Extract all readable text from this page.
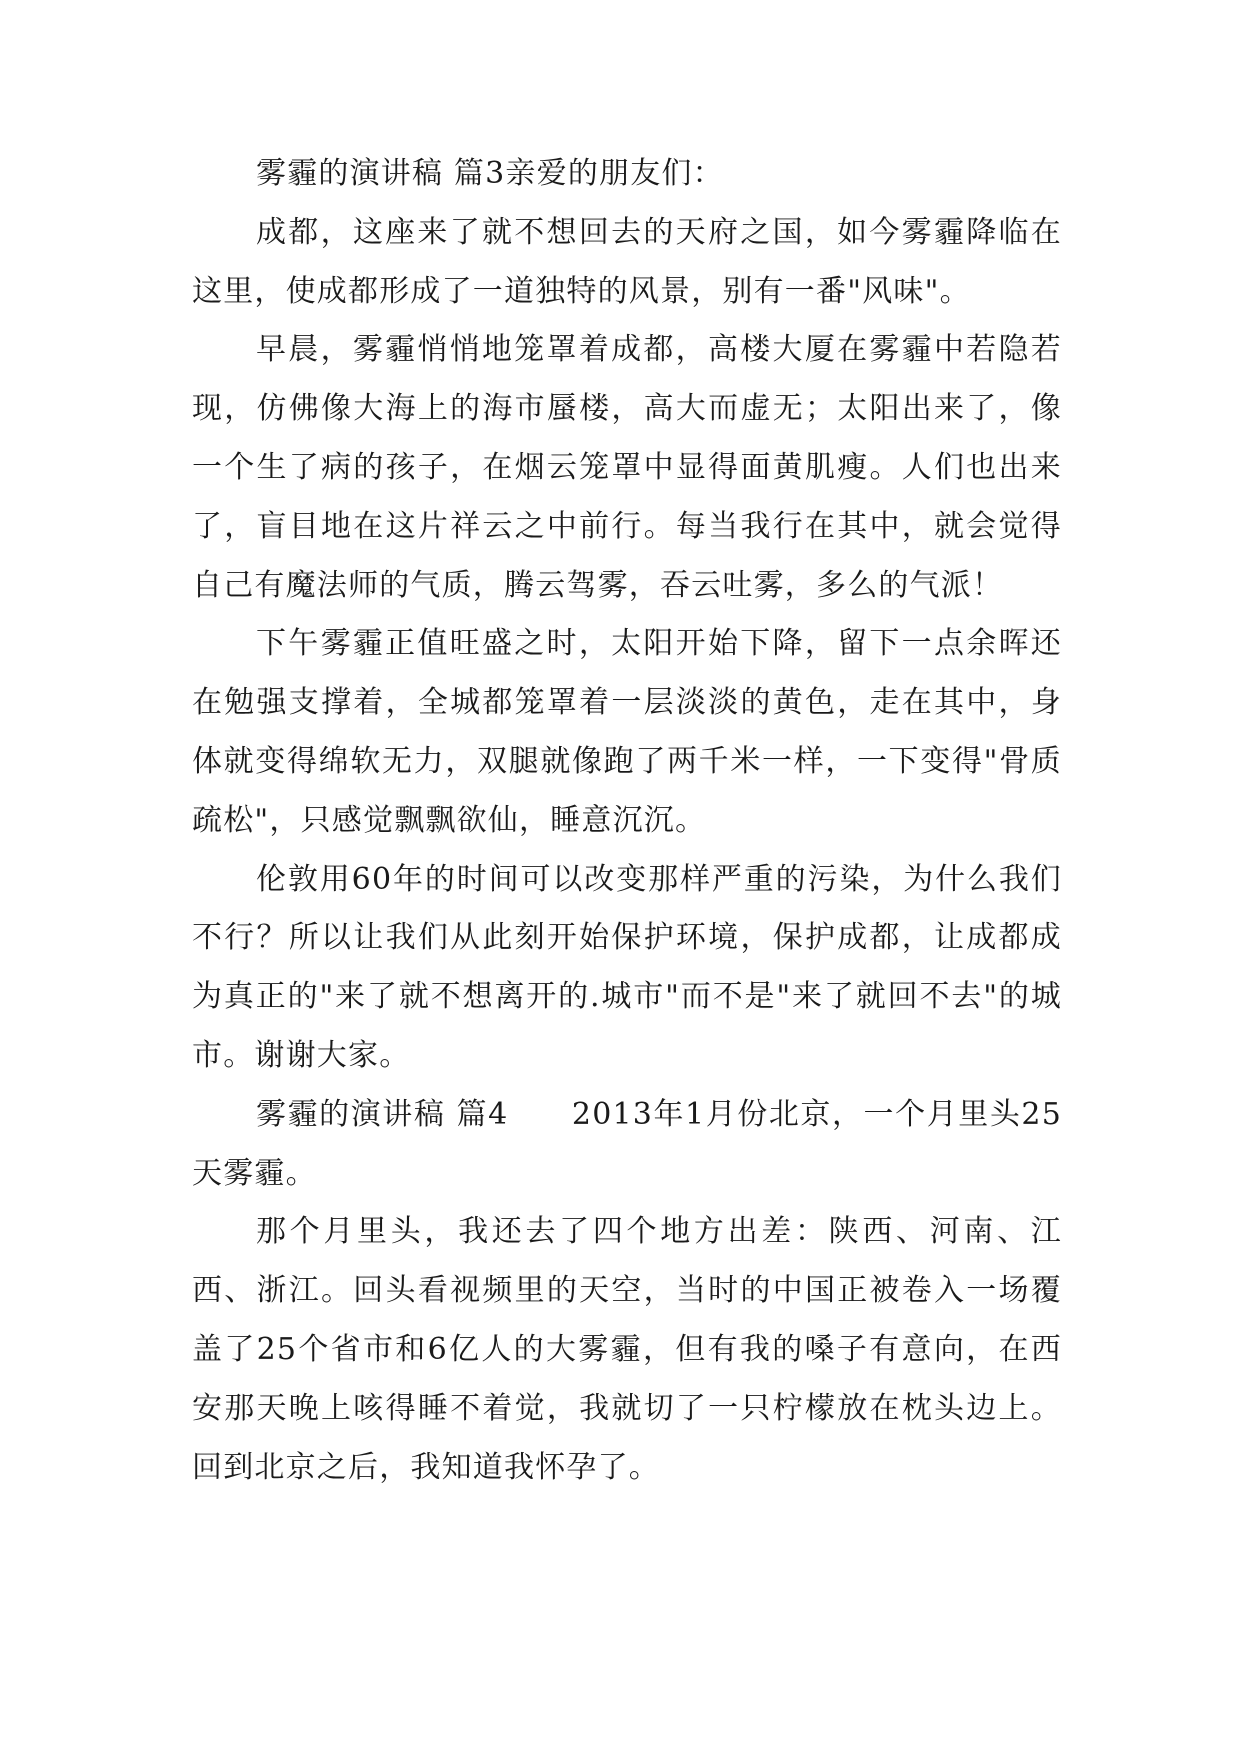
雾霾的演讲稿 篇3亲爱的朋友们：

成都，这座来了就不想回去的天府之国，如今雾霾降临在这里，使成都形成了一道独特的风景，别有一番"风味"。

早晨，雾霾悄悄地笼罩着成都，高楼大厦在雾霾中若隐若现，仿佛像大海上的海市蜃楼，高大而虚无；太阳出来了，像一个生了病的孩子，在烟云笼罩中显得面黄肌瘦。人们也出来了，盲目地在这片祥云之中前行。每当我行在其中，就会觉得自己有魔法师的气质，腾云驾雾，吞云吐雾，多么的气派！

下午雾霾正值旺盛之时，太阳开始下降，留下一点余晖还在勉强支撑着，全城都笼罩着一层淡淡的黄色，走在其中，身体就变得绵软无力，双腿就像跑了两千米一样，一下变得"骨质疏松"，只感觉飘飘欲仙，睡意沉沉。

伦敦用60年的时间可以改变那样严重的污染，为什么我们不行？所以让我们从此刻开始保护环境，保护成都，让成都成为真正的"来了就不想离开的.城市"而不是"来了就回不去"的城市。谢谢大家。

雾霾的演讲稿 篇4　　2013年1月份北京，一个月里头25天雾霾。

那个月里头，我还去了四个地方出差：陕西、河南、江西、浙江。回头看视频里的天空，当时的中国正被卷入一场覆盖了25个省市和6亿人的大雾霾，但有我的嗓子有意向，在西安那天晚上咳得睡不着觉，我就切了一只柠檬放在枕头边上。回到北京之后，我知道我怀孕了。
